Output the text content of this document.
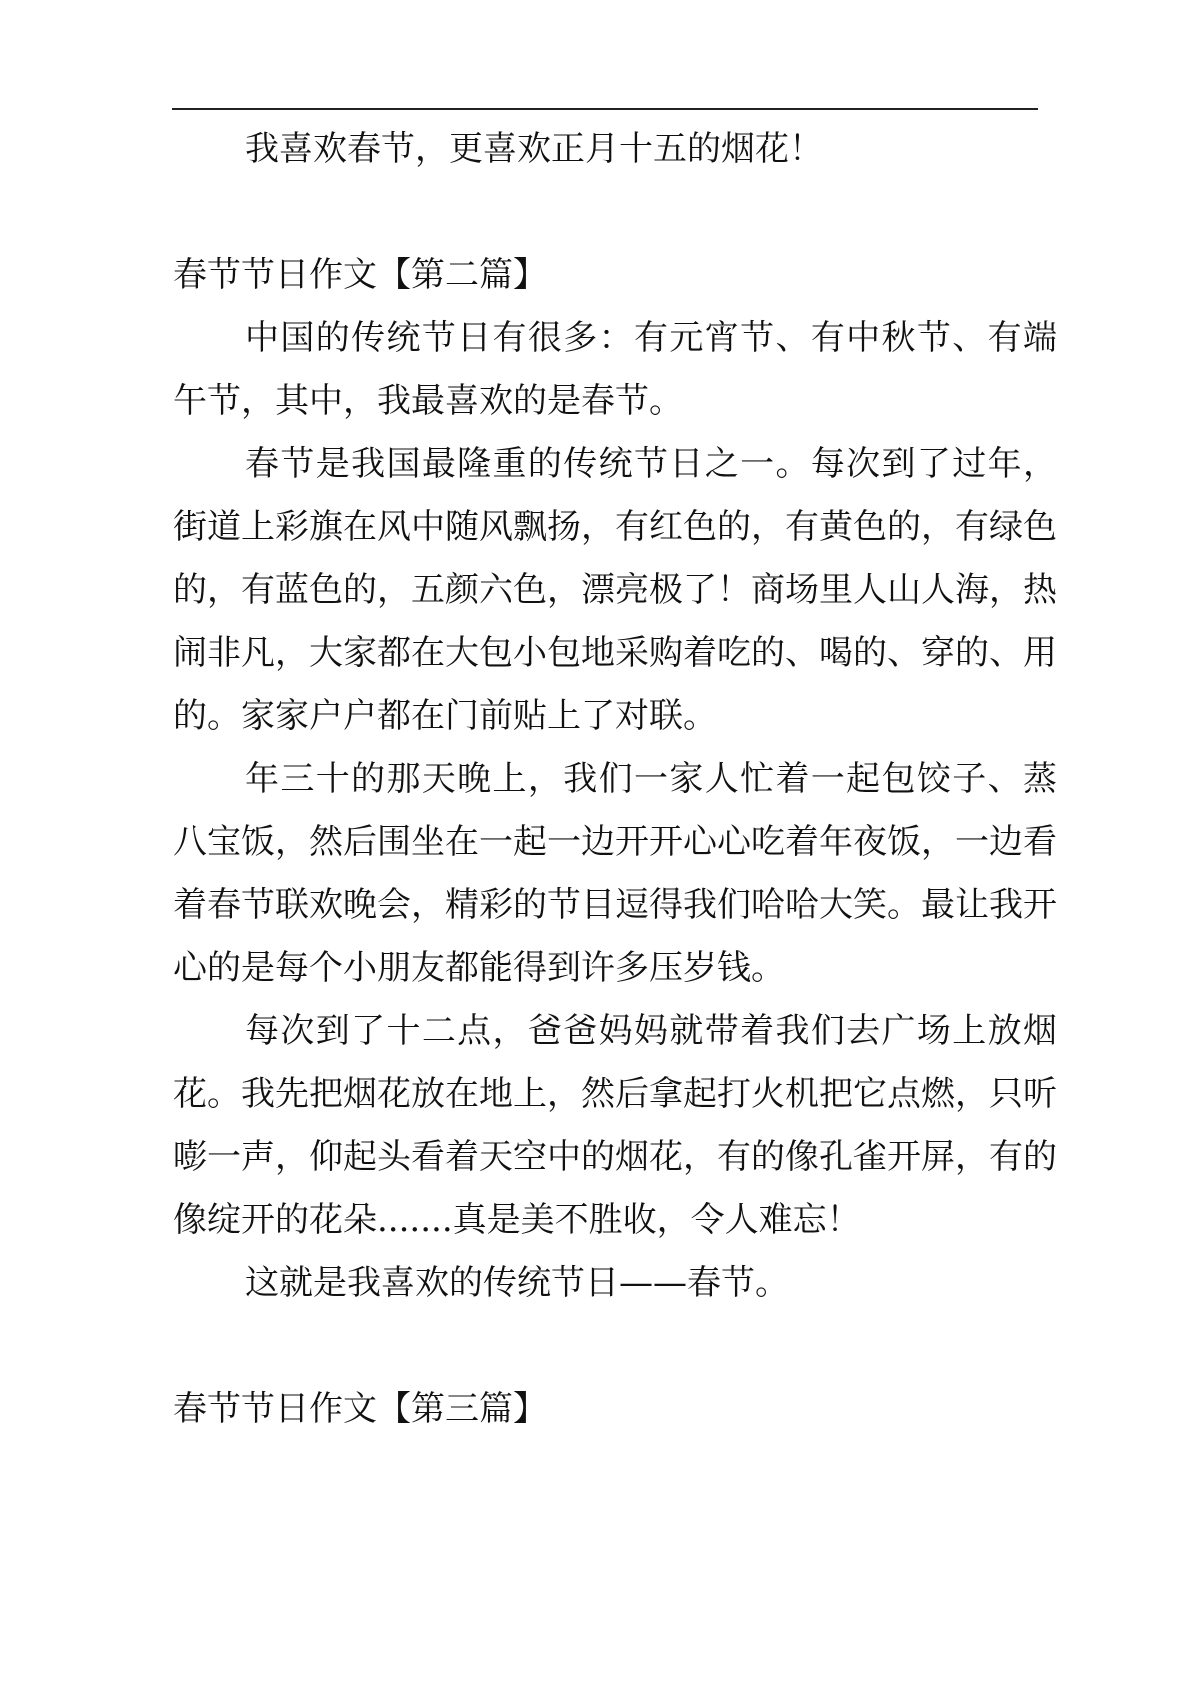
我喜欢春节，更喜欢正月十五的烟花！

春节节日作文【第二篇】

中国的传统节日有很多：有元宵节、有中秋节、有端午节，其中，我最喜欢的是春节。

春节是我国最隆重的传统节日之一。每次到了过年，街道上彩旗在风中随风飘扬，有红色的，有黄色的，有绿色的，有蓝色的，五颜六色，漂亮极了！商场里人山人海，热闹非凡，大家都在大包小包地采购着吃的、喝的、穿的、用的。家家户户都在门前贴上了对联。

年三十的那天晚上，我们一家人忙着一起包饺子、蒸八宝饭，然后围坐在一起一边开开心心吃着年夜饭，一边看着春节联欢晚会，精彩的节目逗得我们哈哈大笑。最让我开心的是每个小朋友都能得到许多压岁钱。

每次到了十二点，爸爸妈妈就带着我们去广场上放烟花。我先把烟花放在地上，然后拿起打火机把它点燃，只听嘭一声，仰起头看着天空中的烟花，有的像孔雀开屏，有的像绽开的花朵.......真是美不胜收，令人难忘！

这就是我喜欢的传统节日——春节。

春节节日作文【第三篇】
